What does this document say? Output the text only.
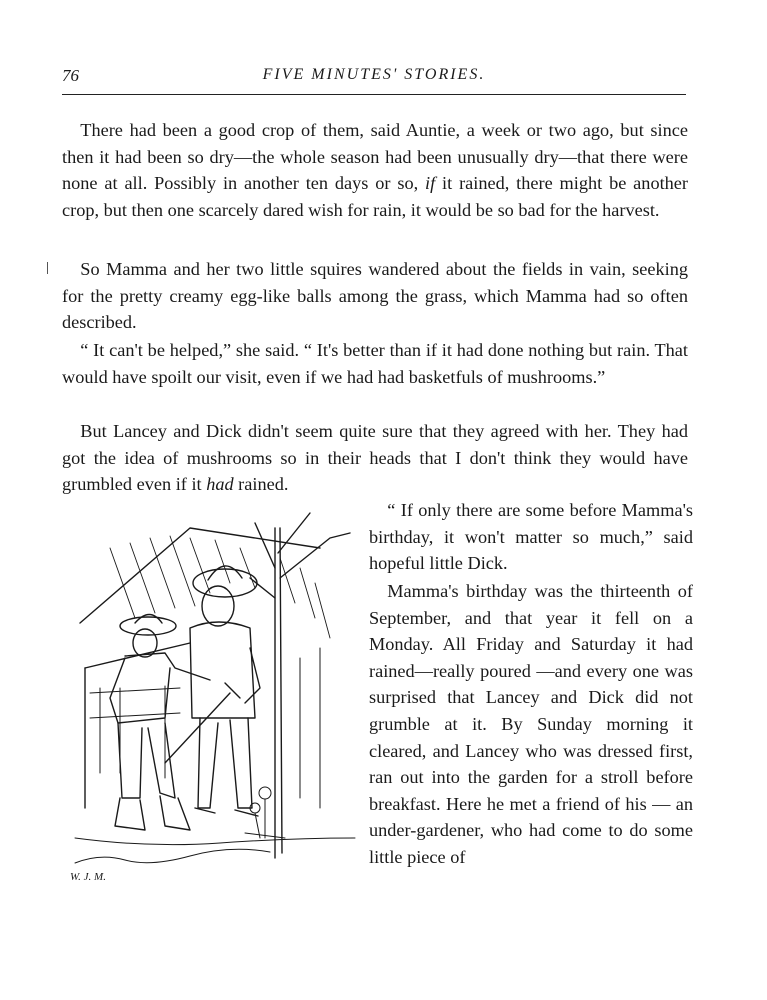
76	FIVE MINUTES' STORIES.

 There had been a good crop of them, said Auntie, a week or two ago, but since then it had been so dry—the whole season had been unusually dry—that there were none at all. Possibly in another ten days or so, if it rained, there might be another crop, but then one scarcely dared wish for rain, it would be so bad for the harvest.

 So Mamma and her two little squires wandered about the fields in vain, seeking for the pretty creamy egg-like balls among the grass, which Mamma had so often described.

 “ It can't be helped,” she said. “ It's better than if it had done nothing but rain. That would have spoilt our visit, even if we had had basketfuls of mushrooms.”

 But Lancey and Dick didn't seem quite sure that they agreed with her. They had got the idea of mushrooms so in their heads that I don't think they would have grumbled even if it had rained.

 “ If only there are some before Mamma's birthday, it won't matter so much,” said hopeful little Dick.

 Mamma's birthday was the thirteenth of September, and that year it fell on a Monday. All Friday and Saturday it had rained—really poured —and every one was surprised that Lancey and Dick did not grumble at it. By Sunday morning it cleared, and Lancey who was dressed first, ran out into the garden for a stroll before breakfast. Here he met a friend of his — an under-gardener, who had come to do some little piece of

W. J. M.
